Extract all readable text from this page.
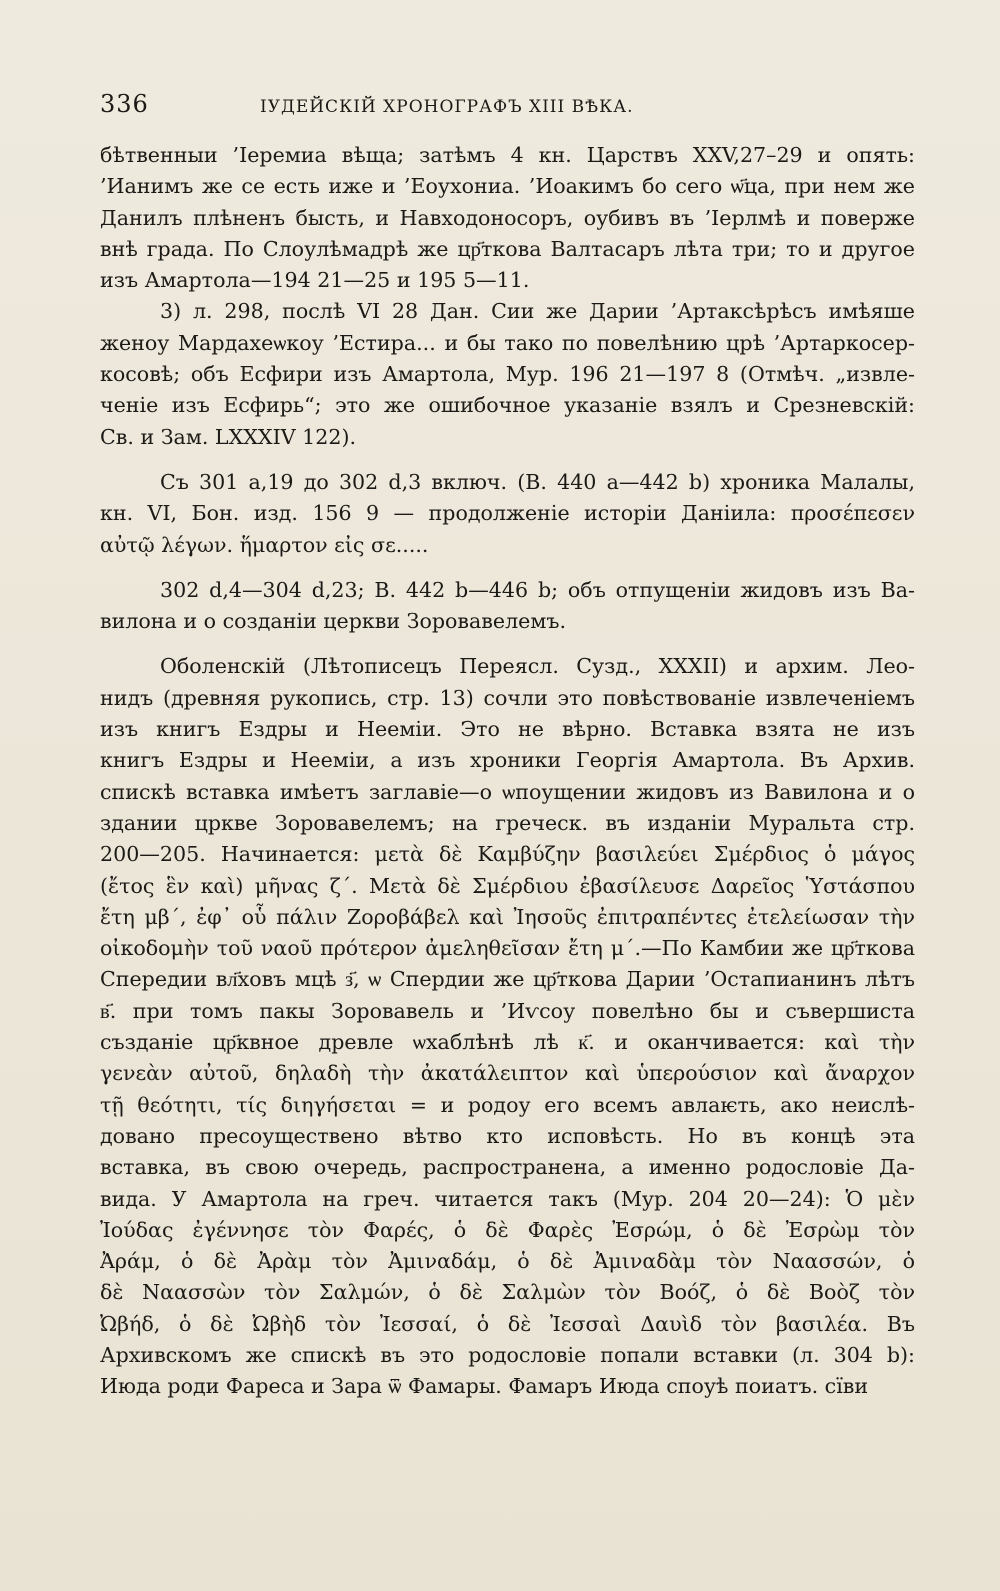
336	ІУДЕЙСКІЙ ХРОНОГРАФЪ XIII ВѢКА.
бѣтвенныи ’Іеремиа вѣща; затѣмъ 4 кн. Царствъ XXV,27–29 и опять:
’Ианимъ же се есть иже и ’Еоухониа. ’Иоакимъ бо сего ѡ҃ца, при нем же
Данилъ плѣненъ бысть, и Навходоносоръ, оубивъ въ ’Іерлмѣ и поверже
внѣ града. По Слоулѣмадрѣ же цр҃ткова Валтасаръ лѣта три; то и другое
изъ Амартола—194 21—25 и 195 5—11.
3) л. 298, послѣ VI 28 Дан. Сии же Дарии ’Артаксѣрѣсъ имѣяше
женоу Мардахеѡкоу ’Естира... и бы тако по повелѣнию црѣ ’Артаркосер-
косовѣ; объ Есфири изъ Амартола, Мур. 196 21—197 8 (Отмѣч. „извле-
ченіе изъ Есфирь“; это же ошибочное указаніе взялъ и Срезневскій:
Св. и Зам. LXXXIV 122).
Съ 301 a,19 до 302 d,3 включ. (В. 440 a—442 b) хроника Малалы,
кн. VI, Бон. изд. 156 9 — продолженіе исторіи Даніила: προσέπεσεν
αὐτῷ λέγων. ἥμαρτον εἰς σε.....
302 d,4—304 d,23; В. 442 b—446 b; объ отпущеніи жидовъ изъ Ва-
вилона и о созданіи церкви Зоровавелемъ.
Оболенскій (Лѣтописецъ Переясл. Сузд., XXXII) и архим. Лео-
нидъ (древняя рукопись, стр. 13) сочли это повѣствованіе извлеченіемъ
изъ книгъ Ездры и Неемiи. Это не вѣрно. Вставка взята не изъ
книгъ Ездры и Неемiи, а изъ хроники Георгія Амартола. Въ Архив.
спискѣ вставка имѣетъ заглавіе—о ѡпоущении жидовъ из Вавилона и о
здании цркве Зоровавелемъ; на греческ. въ изданіи Муральта стр.
200—205. Начинается: μετὰ δὲ Καμβύζην βασιλεύει Σμέρδιος ὁ μάγος
(ἔτος ἓν καὶ) μῆνας ζ΄. Μετὰ δὲ Σμέρδιου ἐβασίλευσε Δαρεῖος Ὑστάσπου
ἔτη μβ΄, ἐφ᾽ οὗ πάλιν Ζοροβάβελ καὶ Ἰησοῦς ἐπιτραπέντες ἐτελείωσαν τὴν
οἰκοδομὴν τοῦ ναοῦ πρότερον ἀμεληθεῖσαν ἔτη μ΄.—По Камбии же цр҃ткова
Спередии вл҃ховъ мцѣ з҃, ѡ Спердии же цр҃ткова Дарии ’Остапианинъ лѣтъ
в҃. при томъ пакы Зоровавель и ’Иѵсоу повелѣно бы и съвершиста
създаніе цр҃квное древле ѡхаблѣнѣ лѣ к҃. и оканчивается: καὶ τὴν
γενεὰν αὐτοῦ, δηλαδὴ τὴν ἀκατάλειπτον καὶ ὑπερούσιον καὶ ἄναρχον
τῇ θεότητι, τίς διηγήσεται = и родоу его всемъ авлаѥть, ако неислѣ-
довано пресоуществено вѣтво кто исповѣсть. Но въ концѣ эта
вставка, въ свою очередь, распространена, а именно родословіе Да-
вида. У Амартола на греч. читается такъ (Мур. 204 20—24): Ὁ μὲν
Ἰούδας ἐγέννησε τὸν Φαρές, ὁ δὲ Φαρὲς Ἐσρώμ, ὁ δὲ Ἐσρὼμ τὸν
Ἀράμ, ὁ δὲ Ἀρὰμ τὸν Ἀμιναδάμ, ὁ δὲ Ἀμιναδὰμ τὸν Ναασσών, ὁ
δὲ Ναασσὼν τὸν Σαλμών, ὁ δὲ Σαλμὼν τὸν Βοόζ, ὁ δὲ Βοὸζ τὸν
Ὠβήδ, ὁ δὲ Ὠβὴδ τὸν Ἰεσσαί, ὁ δὲ Ἰεσσαὶ Δαυὶδ τὸν βασιλέα. Въ
Архивскомъ же спискѣ въ это родословіе попали вставки (л. 304 b):
Июда роди Фареса и Зара ѿ Фамары. Фамаръ Июда споуѣ поиатъ. сїви
